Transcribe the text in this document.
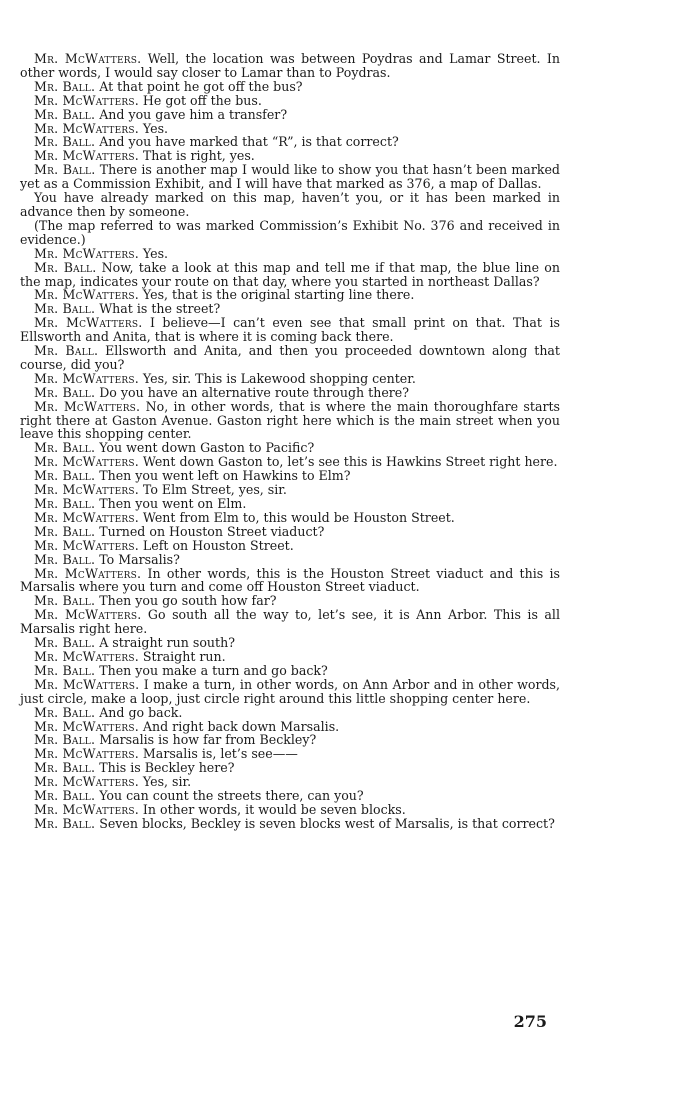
Mr. McWatters. Well, the location was between Poydras and Lamar Street. In other words, I would say closer to Lamar than to Poydras.

Mr. Ball. At that point he got off the bus?

Mr. McWatters. He got off the bus.

Mr. Ball. And you gave him a transfer?

Mr. McWatters. Yes.

Mr. Ball. And you have marked that “R”, is that correct?

Mr. McWatters. That is right, yes.

Mr. Ball. There is another map I would like to show you that hasn’t been marked yet as a Commission Exhibit, and I will have that marked as 376, a map of Dallas.

You have already marked on this map, haven’t you, or it has been marked in advance then by someone.

(The map referred to was marked Commission’s Exhibit No. 376 and received in evidence.)

Mr. McWatters. Yes.

Mr. Ball. Now, take a look at this map and tell me if that map, the blue line on the map, indicates your route on that day, where you started in northeast Dallas?

Mr. McWatters. Yes, that is the original starting line there.

Mr. Ball. What is the street?

Mr. McWatters. I believe—I can’t even see that small print on that. That is Ellsworth and Anita, that is where it is coming back there.

Mr. Ball. Ellsworth and Anita, and then you proceeded downtown along that course, did you?

Mr. McWatters. Yes, sir. This is Lakewood shopping center.

Mr. Ball. Do you have an alternative route through there?

Mr. McWatters. No, in other words, that is where the main thoroughfare starts right there at Gaston Avenue. Gaston right here which is the main street when you leave this shopping center.

Mr. Ball. You went down Gaston to Pacific?

Mr. McWatters. Went down Gaston to, let’s see this is Hawkins Street right here.

Mr. Ball. Then you went left on Hawkins to Elm?

Mr. McWatters. To Elm Street, yes, sir.

Mr. Ball. Then you went on Elm.

Mr. McWatters. Went from Elm to, this would be Houston Street.

Mr. Ball. Turned on Houston Street viaduct?

Mr. McWatters. Left on Houston Street.

Mr. Ball. To Marsalis?

Mr. McWatters. In other words, this is the Houston Street viaduct and this is Marsalis where you turn and come off Houston Street viaduct.

Mr. Ball. Then you go south how far?

Mr. McWatters. Go south all the way to, let’s see, it is Ann Arbor. This is all Marsalis right here.

Mr. Ball. A straight run south?

Mr. McWatters. Straight run.

Mr. Ball. Then you make a turn and go back?

Mr. McWatters. I make a turn, in other words, on Ann Arbor and in other words, just circle, make a loop, just circle right around this little shopping center here.

Mr. Ball. And go back.

Mr. McWatters. And right back down Marsalis.

Mr. Ball. Marsalis is how far from Beckley?

Mr. McWatters. Marsalis is, let’s see——

Mr. Ball. This is Beckley here?

Mr. McWatters. Yes, sir.

Mr. Ball. You can count the streets there, can you?

Mr. McWatters. In other words, it would be seven blocks.

Mr. Ball. Seven blocks, Beckley is seven blocks west of Marsalis, is that correct?

275
